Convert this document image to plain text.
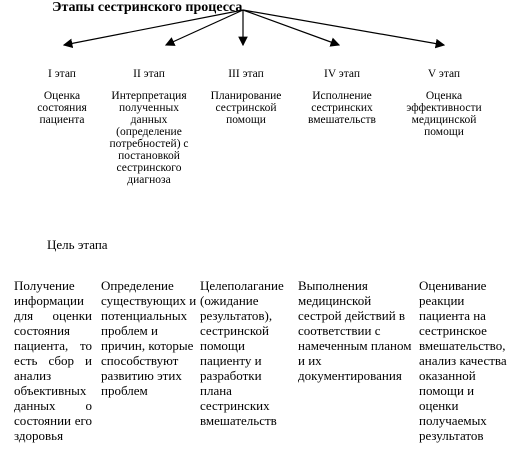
Этапы сестринского процесса
I этап
Оценка состояния пациента
II этап
Интерпретация полученных данных (определение потребностей) с постановкой сестринского диагноза
III этап
Планирование сестринской помощи
IV этап
Исполнение сестринских вмешательств
V этап
Оценка эффективности медицинской помощи
Цель этапа
Получение информации для оценки состояния пациента, то есть сбор и анализ объективных данных о состоянии его здоровья
Определение существующих и потенциальных проблем и причин, которые способствуют развитию этих проблем
Целеполагание (ожидание результатов), сестринской помощи пациенту и разработки плана сестринских вмешательств
Выполнения медицинской сестрой действий в соответствии с намеченным планом и их документирования
Оценивание реакции пациента на сестринское вмешательство, анализ качества оказанной помощи и оценки получаемых результатов
